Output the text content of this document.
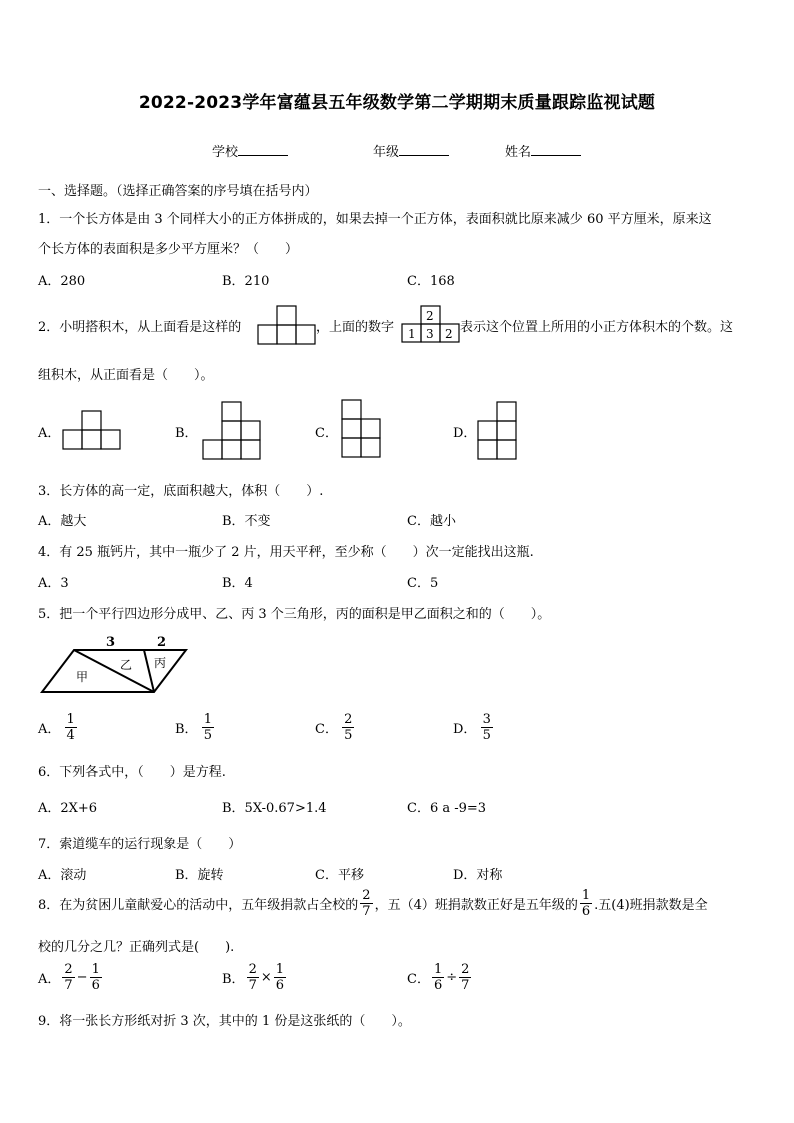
2022-2023学年富蕴县五年级数学第二学期期末质量跟踪监视试题
学校	年级	姓名
一、选择题。（选择正确答案的序号填在括号内）
1．一个长方体是由 3 个同样大小的正方体拼成的，如果去掉一个正方体，表面积就比原来减少 60 平方厘米，原来这
个长方体的表面积是多少平方厘米？（　　）
A．280	B．210	C．168
2．小明搭积木，从上面看是这样的	，上面的数字
2
1 3 2 表示这个位置上所用的小正方体积木的个数。这
组积木，从正面看是（　　）。
A．	B．	C．	D．
3．长方体的高一定，底面积越大，体积（　　）.
A．越大	B．不变	C．越小
4．有 25 瓶钙片，其中一瓶少了 2 片，用天平秤，至少称（　　）次一定能找出这瓶.
A．3	B．4	C．5
5．把一个平行四边形分成甲、乙、丙 3 个三角形，丙的面积是甲乙面积之和的（　　）。
3	2
甲
乙 丙
A． $\frac{1}{4}$	B． $\frac{1}{5}$	C． $\frac{2}{5}$	D． $\frac{3}{5}$
6．下列各式中，（　　）是方程.
A．2X+6	B．5X-0.67>1.4	C．6 a -9=3
7．索道缆车的运行现象是（　　）
A．滚动	B．旋转	C．平移	D．对称
8．在为贫困儿童献爱心的活动中，五年级捐款占全校的 $\frac{2}{7}$ ，五（4）班捐款数正好是五年级的 $\frac{1}{6}$ .五(4)班捐款数是全
校的几分之几？正确列式是(　　).
A． $\frac{2}{7} - \frac{1}{6}$	B． $\frac{2}{7} \times \frac{1}{6}$	C． $\frac{1}{6} \div \frac{2}{7}$
9．将一张长方形纸对折 3 次，其中的 1 份是这张纸的（　　）。
